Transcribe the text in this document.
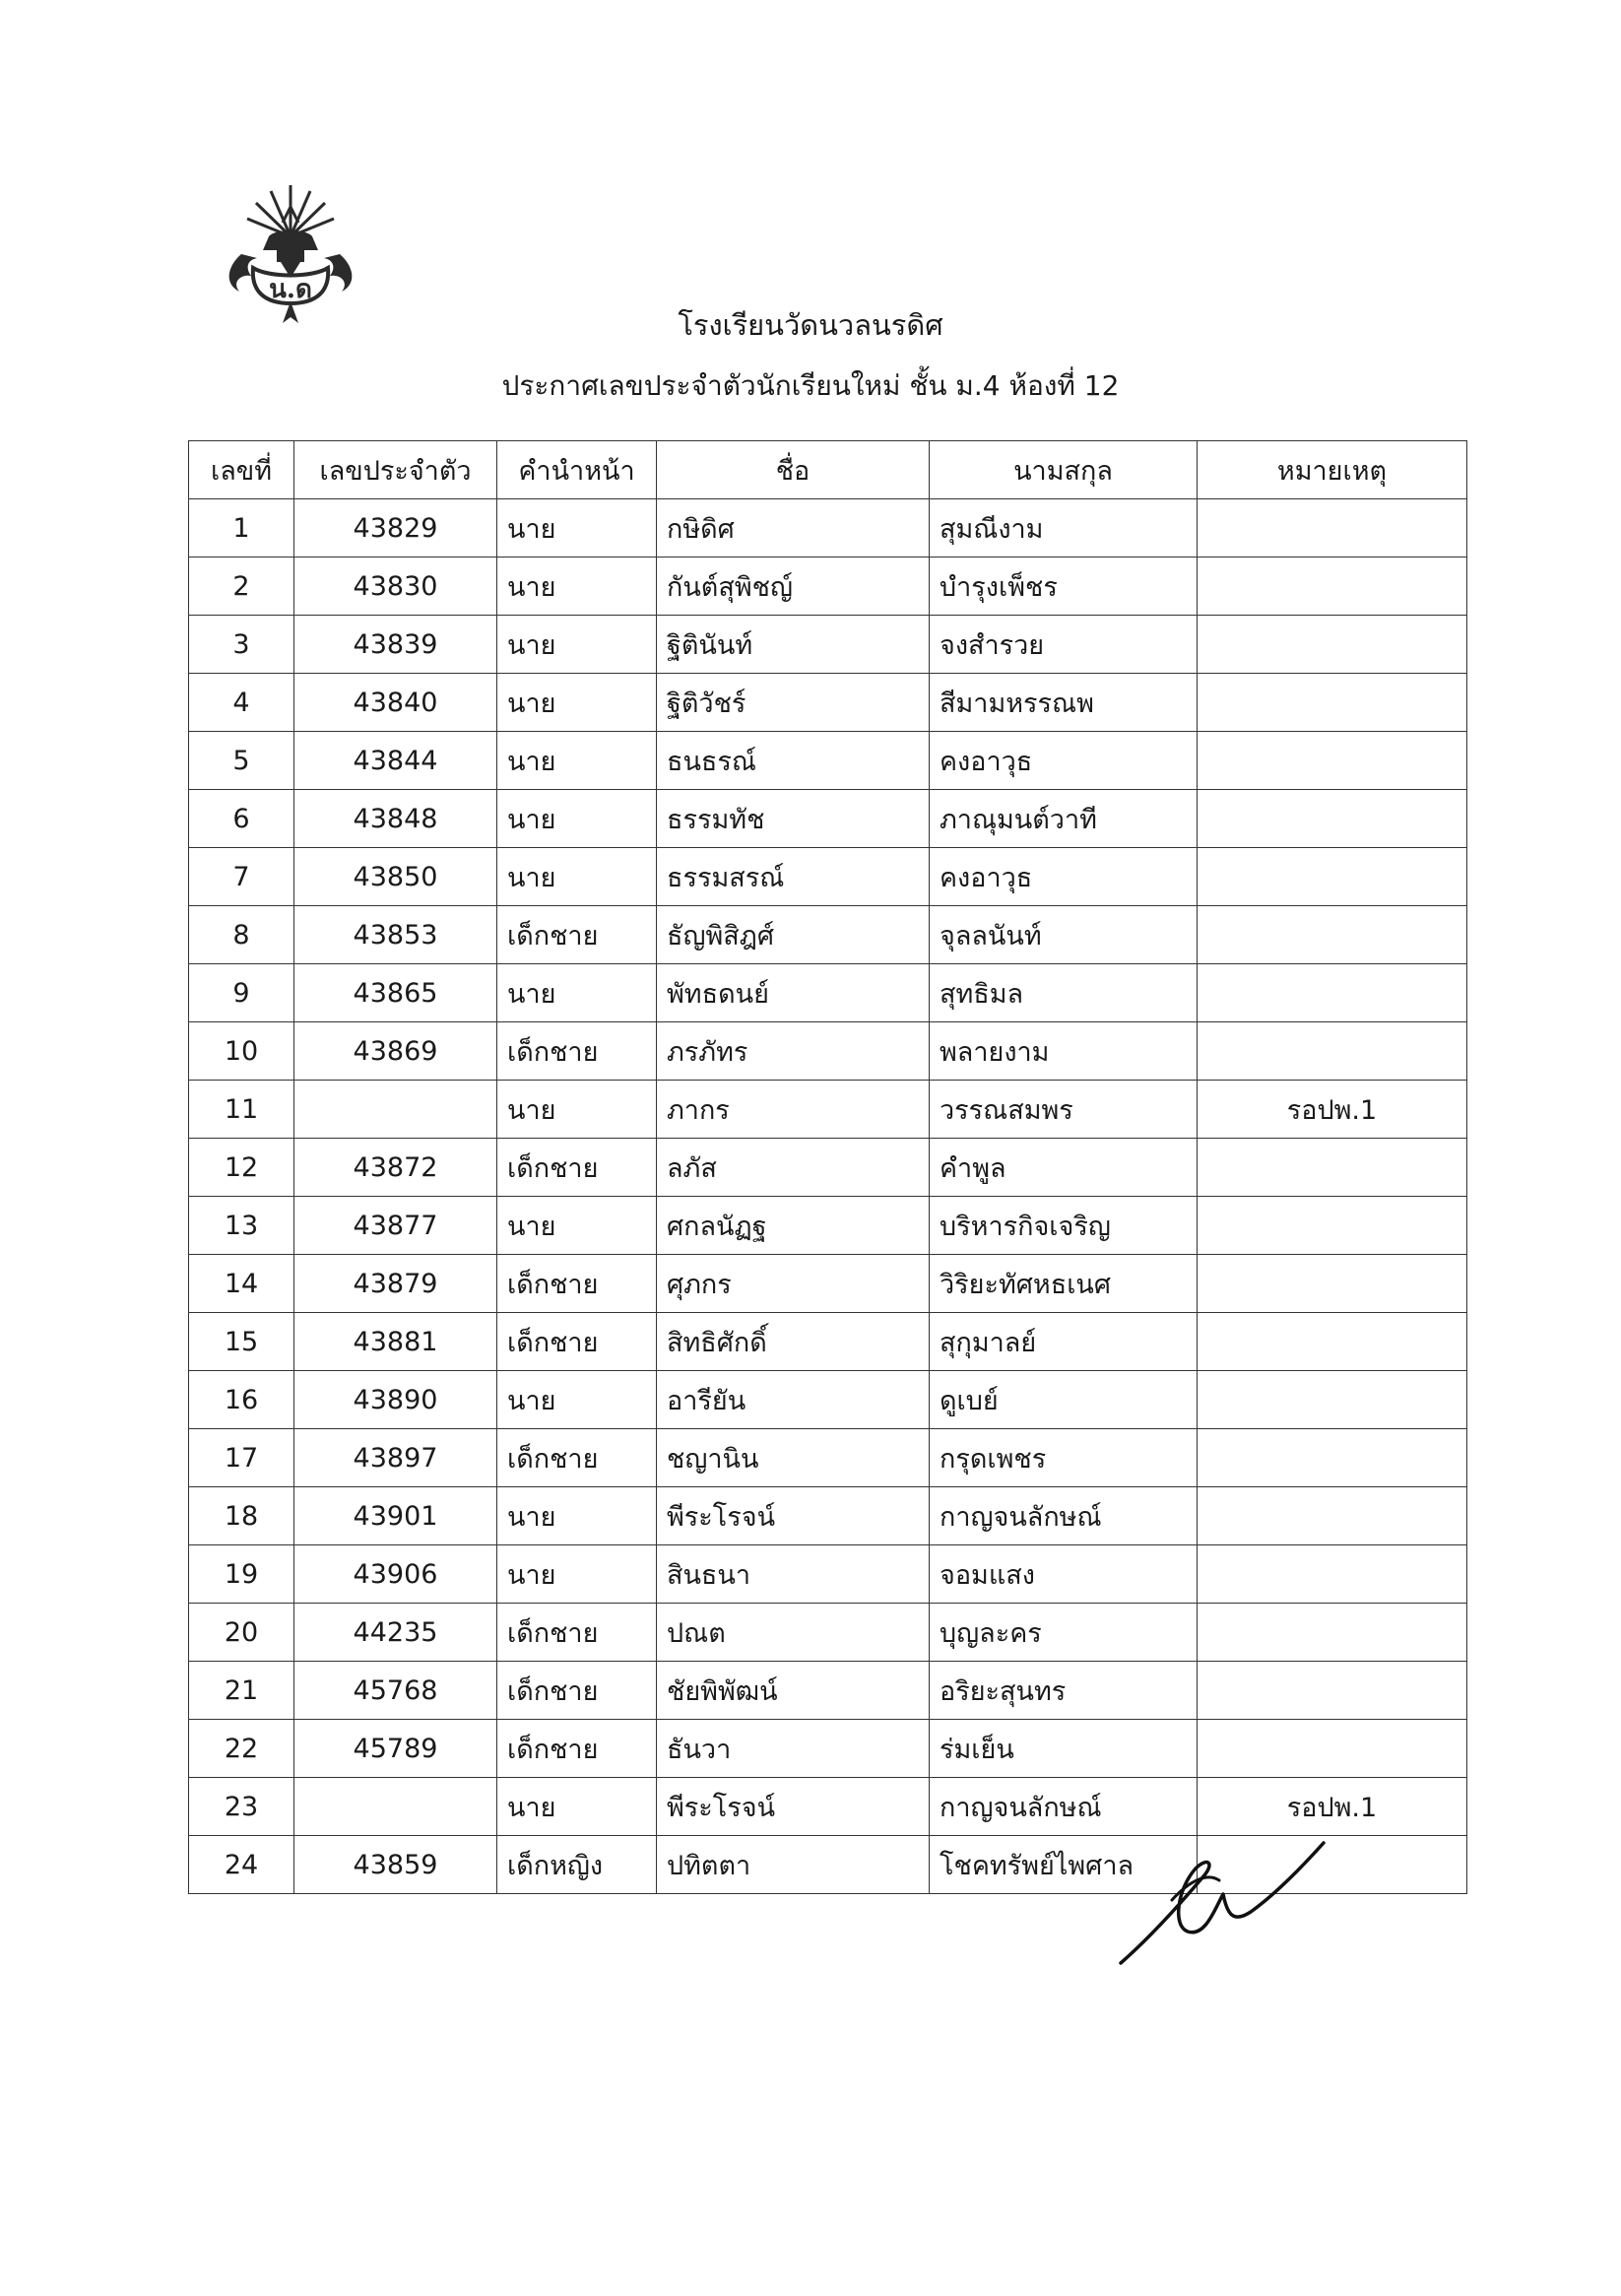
น.ด
โรงเรียนวัดนวลนรดิศ
ประกาศเลขประจำตัวนักเรียนใหม่ ชั้น ม.4 ห้องที่ 12
เลขที่	เลขประจำตัว	คำนำหน้า	ชื่อ	นามสกุล	หมายเหตุ
1	43829	นาย	กษิดิศ	สุมณีงาม	
2	43830	นาย	กันต์สุพิชญ์	บำรุงเพ็ชร	
3	43839	นาย	ฐิตินันท์	จงสำรวย	
4	43840	นาย	ฐิติวัชร์	สีมามหรรณพ	
5	43844	นาย	ธนธรณ์	คงอาวุธ	
6	43848	นาย	ธรรมทัช	ภาณุมนต์วาที	
7	43850	นาย	ธรรมสรณ์	คงอาวุธ	
8	43853	เด็กชาย	ธัญพิสิฎศ์	จุลลนันท์	
9	43865	นาย	พัทธดนย์	สุทธิมล	
10	43869	เด็กชาย	ภรภัทร	พลายงาม	
11		นาย	ภากร	วรรณสมพร	รอปพ.1
12	43872	เด็กชาย	ลภัส	คำพูล	
13	43877	นาย	ศกลนัฏฐ	บริหารกิจเจริญ	
14	43879	เด็กชาย	ศุภกร	วิริยะทัศหธเนศ	
15	43881	เด็กชาย	สิทธิศักดิ์	สุกุมาลย์	
16	43890	นาย	อารียัน	ดูเบย์	
17	43897	เด็กชาย	ชญานิน	กรุดเพชร	
18	43901	นาย	พีระโรจน์	กาญจนลักษณ์	
19	43906	นาย	สินธนา	จอมแสง	
20	44235	เด็กชาย	ปณต	บุญละคร	
21	45768	เด็กชาย	ชัยพิพัฒน์	อริยะสุนทร	
22	45789	เด็กชาย	ธันวา	ร่มเย็น	
23		นาย	พีระโรจน์	กาญจนลักษณ์	รอปพ.1
24	43859	เด็กหญิง	ปทิตตา	โชคทรัพย์ไพศาล	
